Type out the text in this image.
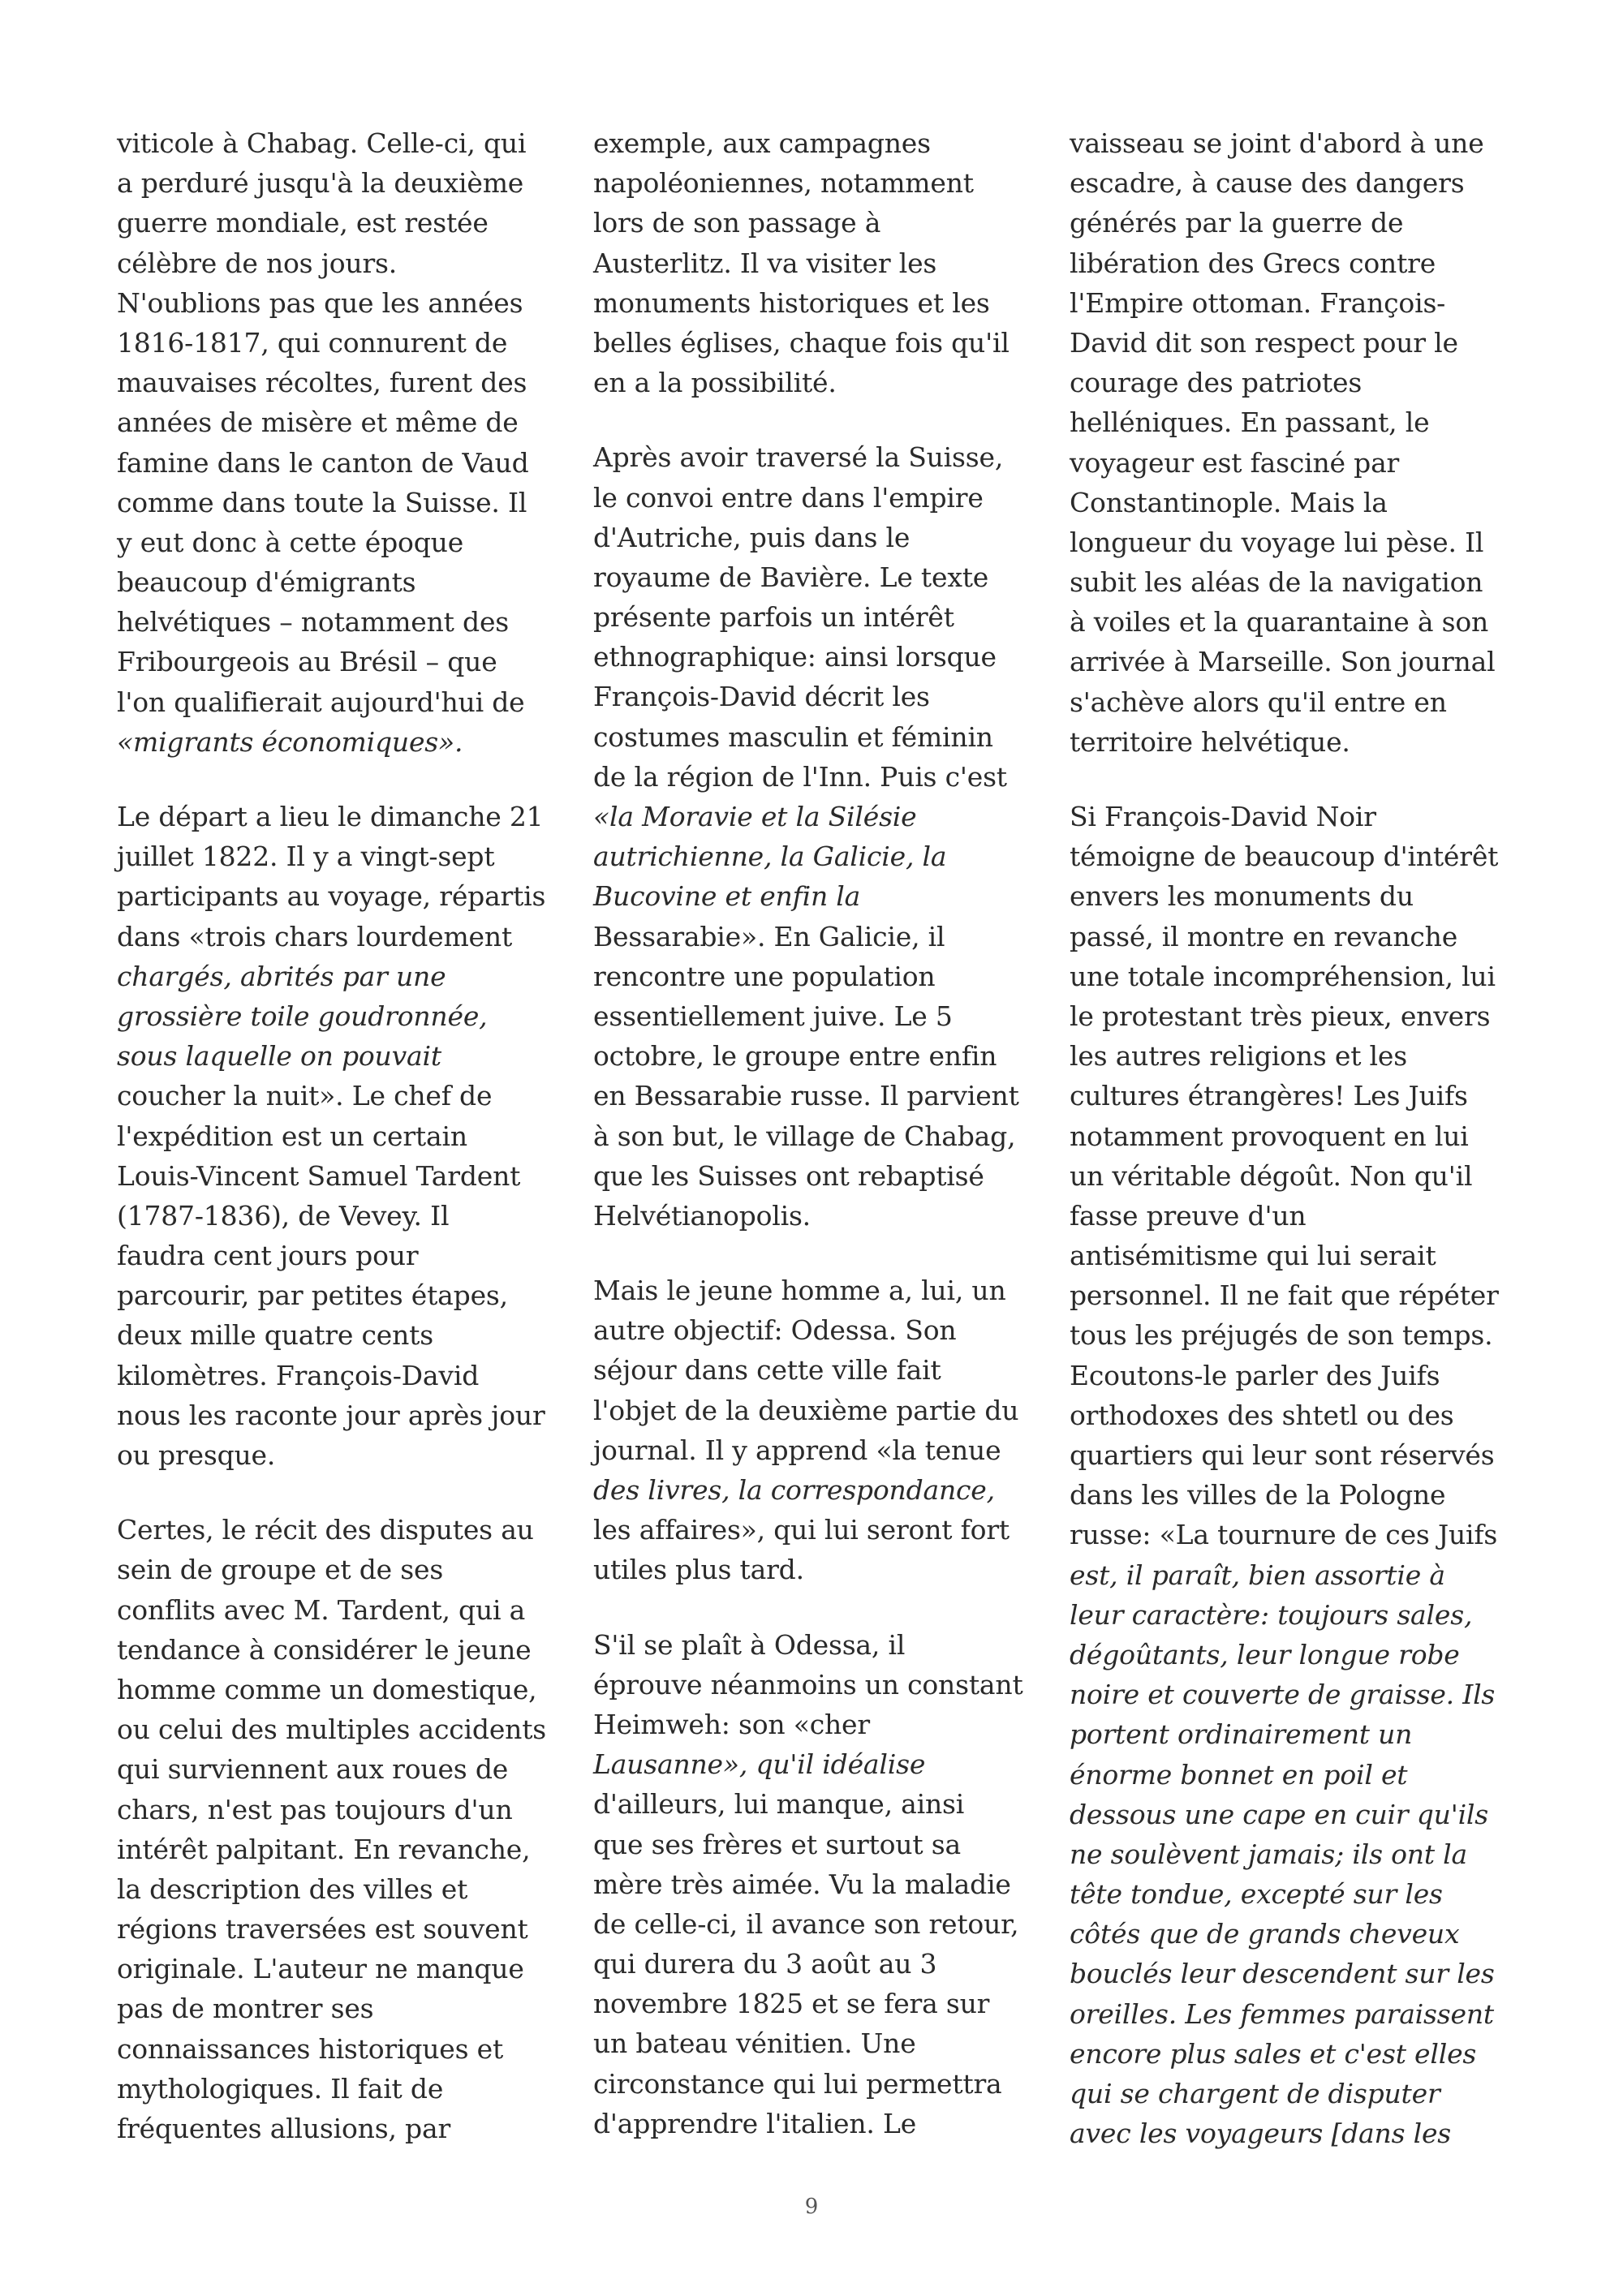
viticole à Chabag. Celle-ci, qui
a perduré jusqu'à la deuxième
guerre mondiale, est restée
célèbre de nos jours.
N'oublions pas que les années
1816-1817, qui connurent de
mauvaises récoltes, furent des
années de misère et même de
famine dans le canton de Vaud
comme dans toute la Suisse. Il
y eut donc à cette époque
beaucoup d'émigrants
helvétiques – notamment des
Fribourgeois au Brésil – que
l'on qualifierait aujourd'hui de
«migrants économiques».
Le départ a lieu le dimanche 21
juillet 1822. Il y a vingt-sept
participants au voyage, répartis
dans «trois chars lourdement
chargés, abrités par une
grossière toile goudronnée,
sous laquelle on pouvait
coucher la nuit». Le chef de
l'expédition est un certain
Louis-Vincent Samuel Tardent
(1787-1836), de Vevey. Il
faudra cent jours pour
parcourir, par petites étapes,
deux mille quatre cents
kilomètres. François-David
nous les raconte jour après jour
ou presque.
Certes, le récit des disputes au
sein de groupe et de ses
conflits avec M. Tardent, qui a
tendance à considérer le jeune
homme comme un domestique,
ou celui des multiples accidents
qui surviennent aux roues de
chars, n'est pas toujours d'un
intérêt palpitant. En revanche,
la description des villes et
régions traversées est souvent
originale. L'auteur ne manque
pas de montrer ses
connaissances historiques et
mythologiques. Il fait de
fréquentes allusions, par
exemple, aux campagnes
napoléoniennes, notamment
lors de son passage à
Austerlitz. Il va visiter les
monuments historiques et les
belles églises, chaque fois qu'il
en a la possibilité.
Après avoir traversé la Suisse,
le convoi entre dans l'empire
d'Autriche, puis dans le
royaume de Bavière. Le texte
présente parfois un intérêt
ethnographique: ainsi lorsque
François-David décrit les
costumes masculin et féminin
de la région de l'Inn. Puis c'est
«la Moravie et la Silésie
autrichienne, la Galicie, la
Bucovine et enfin la
Bessarabie». En Galicie, il
rencontre une population
essentiellement juive. Le 5
octobre, le groupe entre enfin
en Bessarabie russe. Il parvient
à son but, le village de Chabag,
que les Suisses ont rebaptisé
Helvétianopolis.
Mais le jeune homme a, lui, un
autre objectif: Odessa. Son
séjour dans cette ville fait
l'objet de la deuxième partie du
journal. Il y apprend «la tenue
des livres, la correspondance,
les affaires», qui lui seront fort
utiles plus tard.
S'il se plaît à Odessa, il
éprouve néanmoins un constant
Heimweh: son «cher
Lausanne», qu'il idéalise
d'ailleurs, lui manque, ainsi
que ses frères et surtout sa
mère très aimée. Vu la maladie
de celle-ci, il avance son retour,
qui durera du 3 août au 3
novembre 1825 et se fera sur
un bateau vénitien. Une
circonstance qui lui permettra
d'apprendre l'italien. Le
vaisseau se joint d'abord à une
escadre, à cause des dangers
générés par la guerre de
libération des Grecs contre
l'Empire ottoman. François-
David dit son respect pour le
courage des patriotes
helléniques. En passant, le
voyageur est fasciné par
Constantinople. Mais la
longueur du voyage lui pèse. Il
subit les aléas de la navigation
à voiles et la quarantaine à son
arrivée à Marseille. Son journal
s'achève alors qu'il entre en
territoire helvétique.
Si François-David Noir
témoigne de beaucoup d'intérêt
envers les monuments du
passé, il montre en revanche
une totale incompréhension, lui
le protestant très pieux, envers
les autres religions et les
cultures étrangères! Les Juifs
notamment provoquent en lui
un véritable dégoût. Non qu'il
fasse preuve d'un
antisémitisme qui lui serait
personnel. Il ne fait que répéter
tous les préjugés de son temps.
Ecoutons-le parler des Juifs
orthodoxes des shtetl ou des
quartiers qui leur sont réservés
dans les villes de la Pologne
russe: «La tournure de ces Juifs
est, il paraît, bien assortie à
leur caractère: toujours sales,
dégoûtants, leur longue robe
noire et couverte de graisse. Ils
portent ordinairement un
énorme bonnet en poil et
dessous une cape en cuir qu'ils
ne soulèvent jamais; ils ont la
tête tondue, excepté sur les
côtés que de grands cheveux
bouclés leur descendent sur les
oreilles. Les femmes paraissent
encore plus sales et c'est elles
qui se chargent de disputer
avec les voyageurs [dans les
9
